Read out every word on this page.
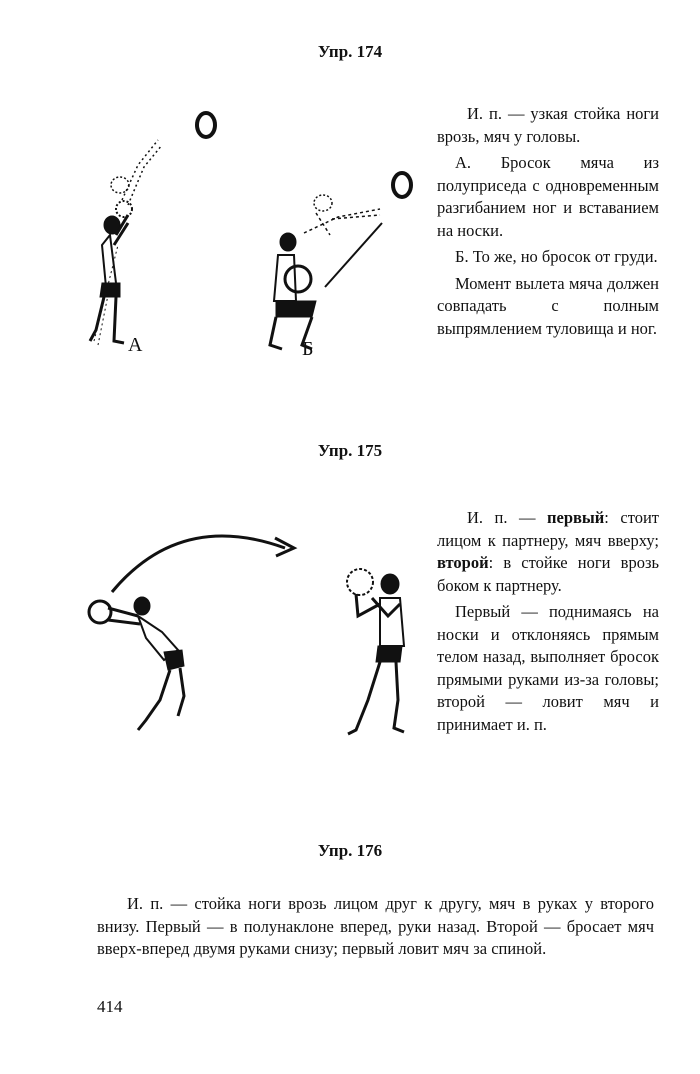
Упр. 174
А	Б

И. п. — узкая стойка ноги врозь, мяч у головы.

А. Бросок мяча из полуприседа с одновременным разгибанием ног и вставанием на носки.

Б. То же, но бросок от груди.

Момент вылета мяча должен совпадать с полным выпрямлением туловища и ног.

Упр. 175

И. п. — первый: стоит лицом к партнеру, мяч вверху; второй: в стойке ноги врозь боком к партнеру.

Первый — поднимаясь на носки и отклоняясь прямым телом назад, выполняет бросок прямыми руками из-за головы; второй — ловит мяч и принимает и. п.

Упр. 176

И. п. — стойка ноги врозь лицом друг к другу, мяч в руках у второго внизу. Первый — в полунаклоне вперед, руки назад. Второй — бросает мяч вверх-вперед двумя руками снизу; первый ловит мяч за спиной.

414
